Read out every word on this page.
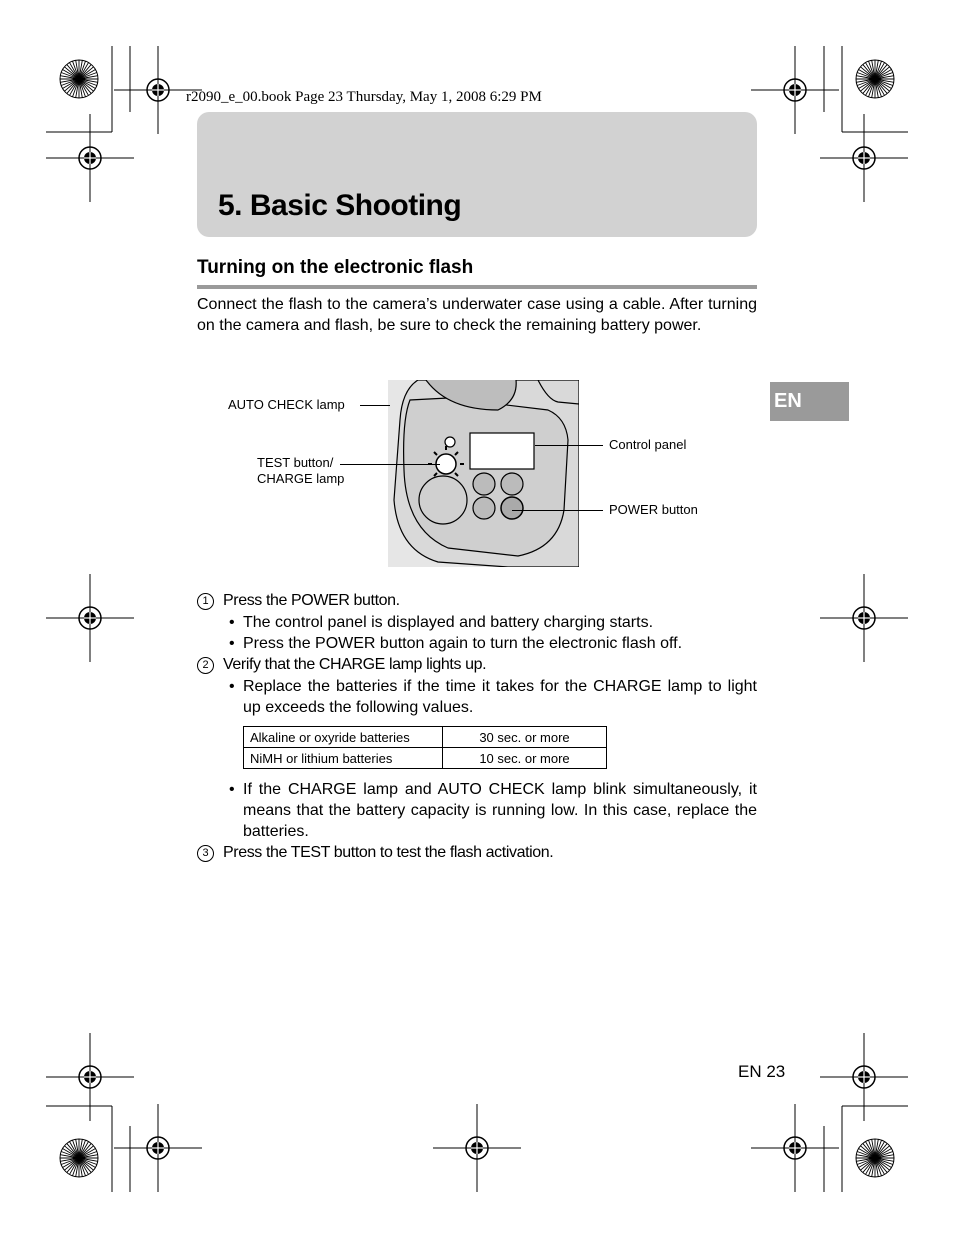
r2090_e_00.book Page 23 Thursday, May 1, 2008 6:29 PM
5. Basic Shooting
Turning on the electronic flash

Connect the flash to the camera’s underwater case using a cable. After turning on the camera and flash, be sure to check the remaining battery power.

EN
AUTO CHECK lamp
TEST button/
CHARGE lamp
Control panel
POWER button
1 Press the POWER button.
• The control panel is displayed and battery charging starts.
• Press the POWER button again to turn the electronic flash off.
2 Verify that the CHARGE lamp lights up.
• Replace the batteries if the time it takes for the CHARGE lamp to light up exceeds the following values.
Alkaline or oxyride batteries	30 sec. or more
NiMH or lithium batteries	10 sec. or more
• If the CHARGE lamp and AUTO CHECK lamp blink simultaneously, it means that the battery capacity is running low. In this case, replace the batteries.
3 Press the TEST button to test the flash activation.
EN 23
